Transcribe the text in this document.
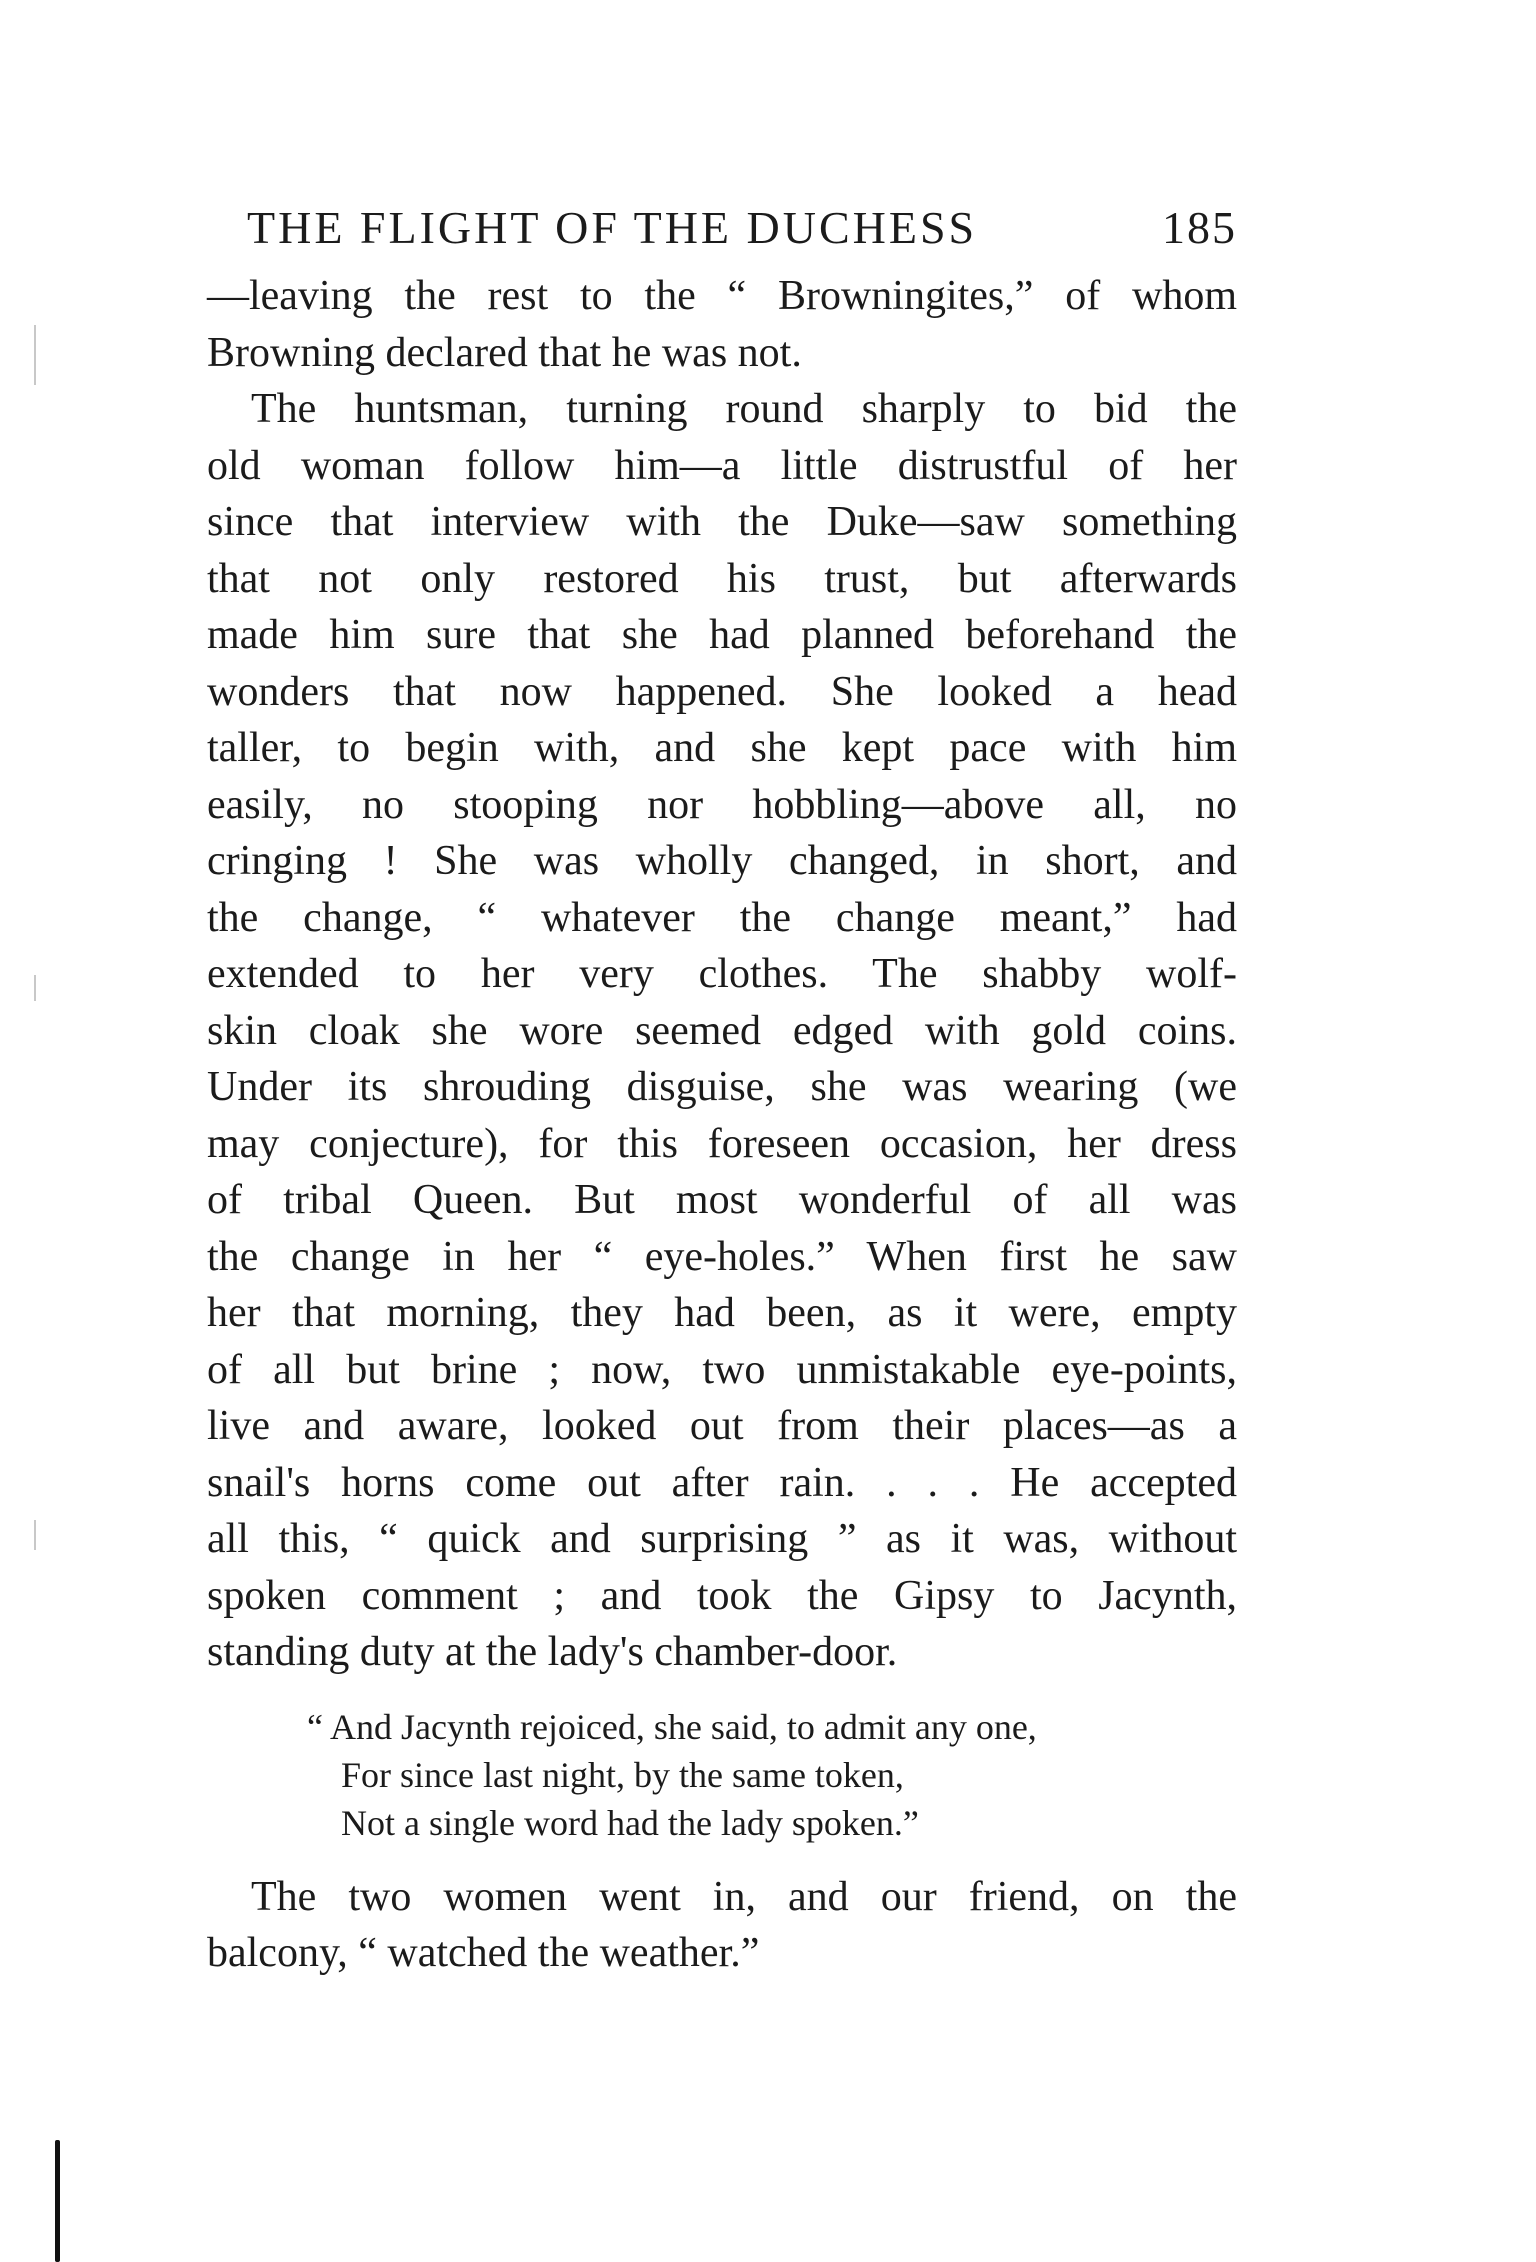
THE FLIGHT OF THE DUCHESS	185

—leaving the rest to the “ Browningites,” of whom
Browning declared that he was not.

The huntsman, turning round sharply to bid the
old woman follow him—a little distrustful of her
since that interview with the Duke—saw something
that not only restored his trust, but afterwards
made him sure that she had planned beforehand the
wonders that now happened. She looked a head
taller, to begin with, and she kept pace with him
easily, no stooping nor hobbling—above all, no
cringing ! She was wholly changed, in short, and
the change, “ whatever the change meant,” had
extended to her very clothes. The shabby wolf-
skin cloak she wore seemed edged with gold coins.
Under its shrouding disguise, she was wearing (we
may conjecture), for this foreseen occasion, her dress
of tribal Queen. But most wonderful of all was
the change in her “ eye-holes.” When first he saw
her that morning, they had been, as it were, empty
of all but brine ; now, two unmistakable eye-points,
live and aware, looked out from their places—as a
snail's horns come out after rain. . . . He accepted
all this, “ quick and surprising ” as it was, without
spoken comment ; and took the Gipsy to Jacynth,
standing duty at the lady's chamber-door.

“ And Jacynth rejoiced, she said, to admit any one,
For since last night, by the same token,
Not a single word had the lady spoken.”

The two women went in, and our friend, on the
balcony, “ watched the weather.”
